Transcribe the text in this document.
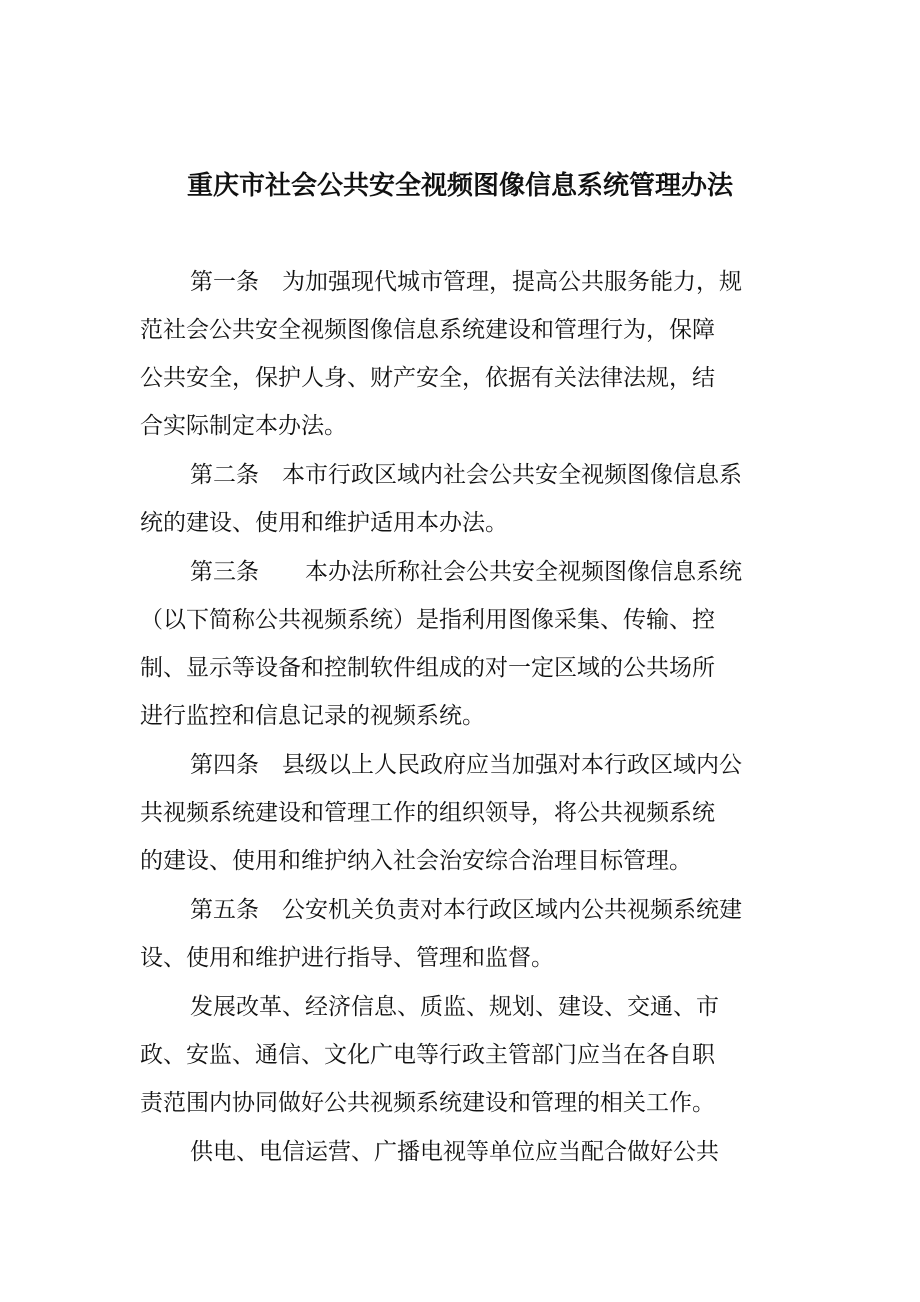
重庆市社会公共安全视频图像信息系统管理办法
第一条　为加强现代城市管理，提高公共服务能力，规
范社会公共安全视频图像信息系统建设和管理行为，保障
公共安全，保护人身、财产安全，依据有关法律法规，结
合实际制定本办法。
第二条　本市行政区域内社会公共安全视频图像信息系
统的建设、使用和维护适用本办法。
第三条　　本办法所称社会公共安全视频图像信息系统
（以下简称公共视频系统）是指利用图像采集、传输、控
制、显示等设备和控制软件组成的对一定区域的公共场所
进行监控和信息记录的视频系统。
第四条　县级以上人民政府应当加强对本行政区域内公
共视频系统建设和管理工作的组织领导，将公共视频系统
的建设、使用和维护纳入社会治安综合治理目标管理。
第五条　公安机关负责对本行政区域内公共视频系统建
设、使用和维护进行指导、管理和监督。
发展改革、经济信息、质监、规划、建设、交通、市
政、安监、通信、文化广电等行政主管部门应当在各自职
责范围内协同做好公共视频系统建设和管理的相关工作。
供电、电信运营、广播电视等单位应当配合做好公共
